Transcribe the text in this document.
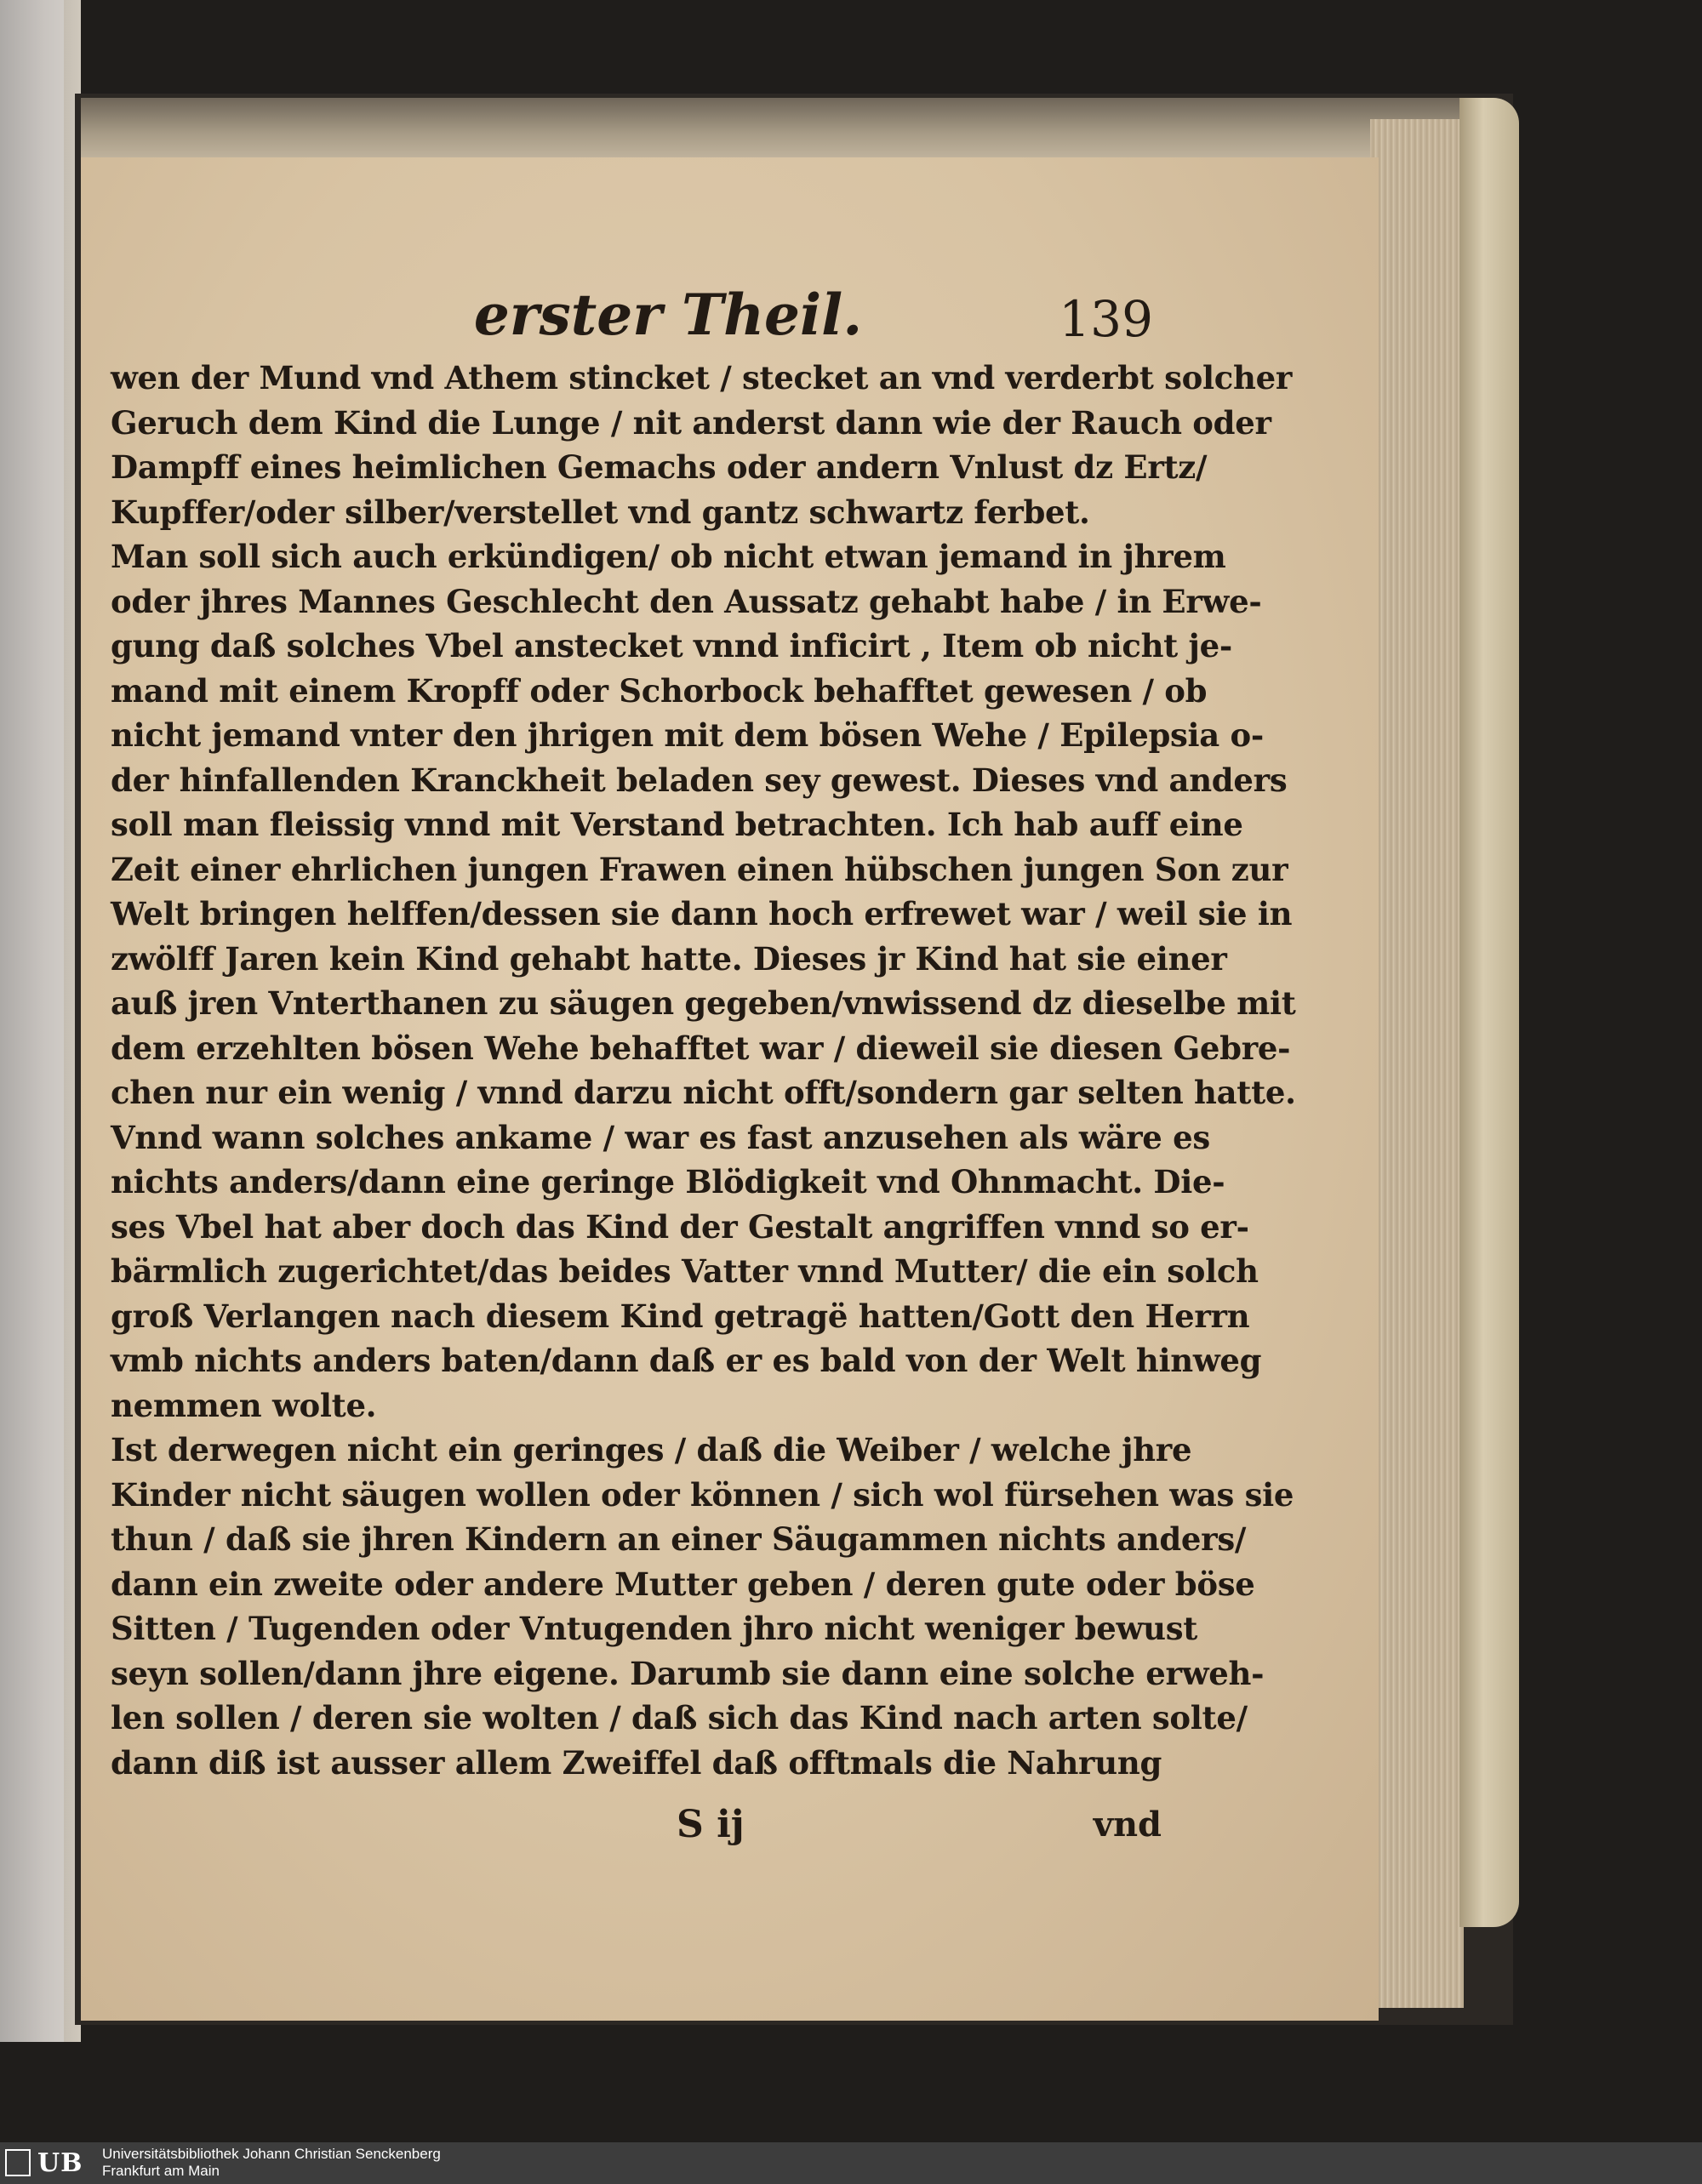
erster Theil.	139
wen der Mund vnd Athem stincket / stecket an vnd verderbt solcher
Geruch dem Kind die Lunge / nit anderst dann wie der Rauch oder
Dampff eines heimlichen Gemachs oder andern Vnlust dz Ertz/
Kupffer/oder silber/verstellet vnd gantz schwartz ferbet.
Man soll sich auch erkündigen/ ob nicht etwan jemand in jhrem
oder jhres Mannes Geschlecht den Aussatz gehabt habe / in Erwe-
gung daß solches Vbel anstecket vnnd inficirt , Item ob nicht je-
mand mit einem Kropff oder Schorbock behafftet gewesen / ob
nicht jemand vnter den jhrigen mit dem bösen Wehe / Epilepsia o-
der hinfallenden Kranckheit beladen sey gewest. Dieses vnd anders
soll man fleissig vnnd mit Verstand betrachten. Ich hab auff eine
Zeit einer ehrlichen jungen Frawen einen hübschen jungen Son zur
Welt bringen helffen/dessen sie dann hoch erfrewet war / weil sie in
zwölff Jaren kein Kind gehabt hatte. Dieses jr Kind hat sie einer
auß jren Vnterthanen zu säugen gegeben/vnwissend dz dieselbe mit
dem erzehlten bösen Wehe behafftet war / dieweil sie diesen Gebre-
chen nur ein wenig / vnnd darzu nicht offt/sondern gar selten hatte.
Vnnd wann solches ankame / war es fast anzusehen als wäre es
nichts anders/dann eine geringe Blödigkeit vnd Ohnmacht. Die-
ses Vbel hat aber doch das Kind der Gestalt angriffen vnnd so er-
bärmlich zugerichtet/das beides Vatter vnnd Mutter/ die ein solch
groß Verlangen nach diesem Kind getragë hatten/Gott den Herrn
vmb nichts anders baten/dann daß er es bald von der Welt hinweg
nemmen wolte.
Ist derwegen nicht ein geringes / daß die Weiber / welche jhre
Kinder nicht säugen wollen oder können / sich wol fürsehen was sie
thun / daß sie jhren Kindern an einer Säugammen nichts anders/
dann ein zweite oder andere Mutter geben / deren gute oder böse
Sitten / Tugenden oder Vntugenden jhro nicht weniger bewust
seyn sollen/dann jhre eigene. Darumb sie dann eine solche erweh-
len sollen / deren sie wolten / daß sich das Kind nach arten solte/
dann diß ist ausser allem Zweiffel daß offtmals die Nahrung
S ij	vnd
UB Universitätsbibliothek Johann Christian Senckenberg
Frankfurt am Main
